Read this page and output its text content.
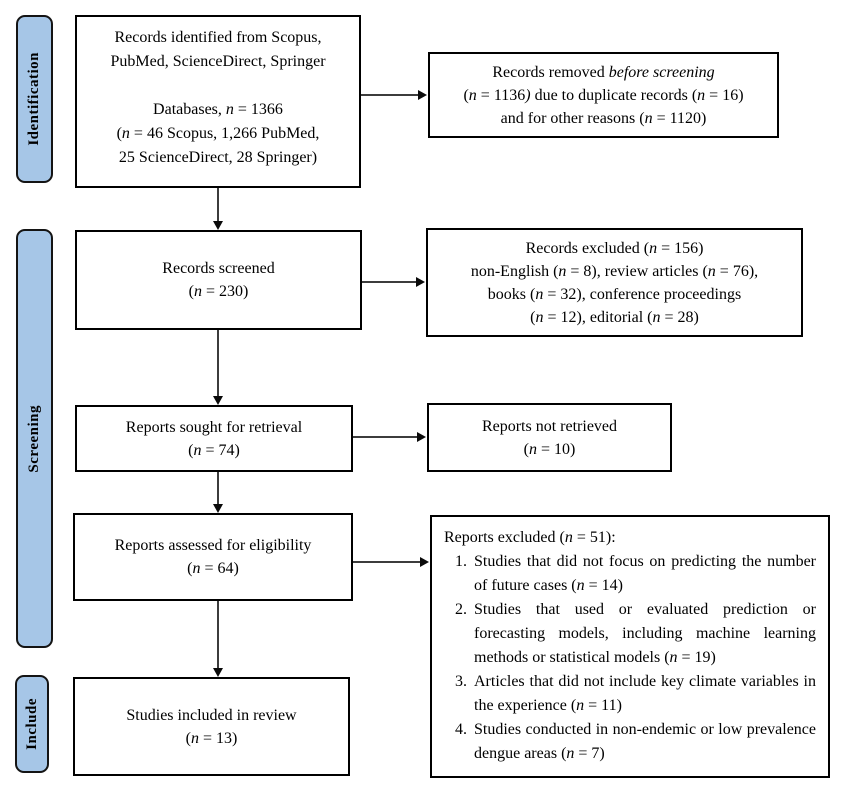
Identification
Screening
Include
Records identified from Scopus,
PubMed, ScienceDirect, Springer
Databases, n = 1366
(n = 46 Scopus, 1,266 PubMed,
25 ScienceDirect, 28 Springer)
Records screened
(n = 230)
Reports sought for retrieval
(n = 74)
Reports assessed for eligibility
(n = 64)
Studies included in review
(n = 13)
Records removed before screening
(n = 1136) due to duplicate records (n = 16)
and for other reasons (n = 1120)
Records excluded (n = 156)
non-English (n = 8), review articles (n = 76),
books (n = 32), conference proceedings
(n = 12), editorial (n = 28)
Reports not retrieved
(n = 10)
Reports excluded (n = 51):
1. Studies that did not focus on predicting the number of future cases (n = 14)
2. Studies that used or evaluated prediction or forecasting models, including machine learning methods or statistical models (n = 19)
3. Articles that did not include key climate variables in the experience (n = 11)
4. Studies conducted in non-endemic or low prevalence dengue areas (n = 7)
